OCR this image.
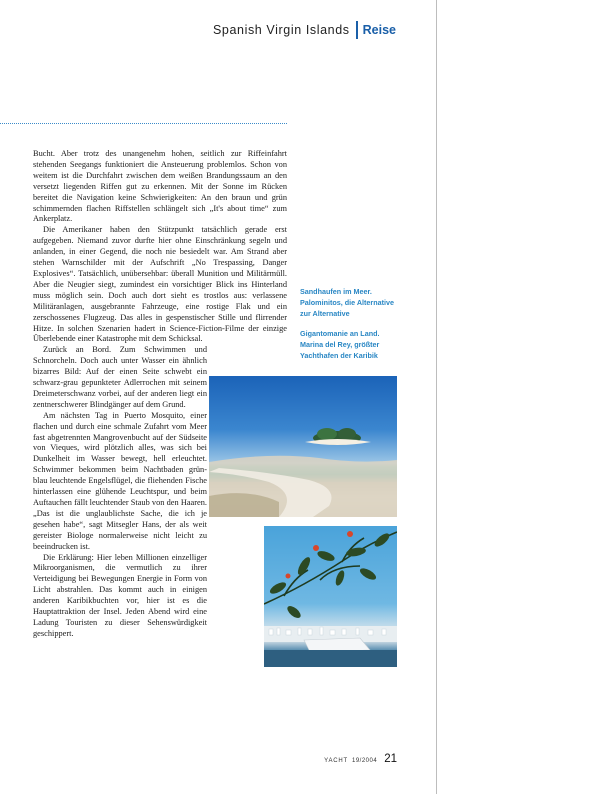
Spanish Virgin Islands Reise

Bucht. Aber trotz des unangenehm hohen, seitlich zur Riffeinfahrt stehenden Seegangs funktioniert die Ansteuerung problemlos. Schon von weitem ist die Durchfahrt zwischen dem weißen Brandungssaum an den versetzt liegenden Riffen gut zu erkennen. Mit der Sonne im Rücken bereitet die Navigation keine Schwierigkeiten: An den braun und grün schimmernden flachen Riffstellen schlängelt sich „It's about time“ zum Ankerplatz.

Die Amerikaner haben den Stützpunkt tatsächlich gerade erst aufgegeben. Niemand zuvor durfte hier ohne Einschränkung segeln und anlanden, in einer Gegend, die noch nie besiedelt war. Am Strand aber stehen Warnschilder mit der Aufschrift „No Trespassing, Danger Explosives“. Tatsächlich, unübersehbar: überall Munition und Militärmüll. Aber die Neugier siegt, zumindest ein vorsichtiger Blick ins Hinterland muss möglich sein. Doch auch dort sieht es trostlos aus: verlassene Militäranlagen, ausgebrannte Fahrzeuge, eine rostige Flak und ein zerschossenes Flugzeug. Das alles in gespenstischer Stille und flirrender Hitze. In solchen Szenarien hadert in Science-Fiction-Filme der einzige Überlebende einer Katastrophe mit dem Schicksal.

Zurück an Bord. Zum Schwimmen und Schnorcheln. Doch auch unter Wasser ein ähnlich bizarres Bild: Auf der einen Seite schwebt ein schwarz-grau gepunkteter Adlerrochen mit seinem Dreimeterschwanz vorbei, auf der anderen liegt ein zentnerschwerer Blindgänger auf dem Grund.

Am nächsten Tag in Puerto Mosquito, einer flachen und durch eine schmale Zufahrt vom Meer fast abgetrennten Mangrovenbucht auf der Südseite von Vieques, wird plötzlich alles, was sich bei Dunkelheit im Wasser bewegt, hell erleuchtet. Schwimmer bekommen beim Nachtbaden grün-blau leuchtende Engelsflügel, die fliehenden Fische hinterlassen eine glühende Leuchtspur, und beim Auftauchen fällt leuchtender Staub von den Haaren. „Das ist die unglaublichste Sache, die ich je gesehen habe“, sagt Mitsegler Hans, der als weit gereister Biologe normalerweise nicht leicht zu beeindrucken ist.

Die Erklärung: Hier leben Millionen einzelliger Mikroorganismen, die vermutlich zu ihrer Verteidigung bei Bewegungen Energie in Form von Licht abstrahlen. Das kommt auch in einigen anderen Karibikbuchten vor, hier ist es die Hauptattraktion der Insel. Jeden Abend wird eine Ladung Touristen zu dieser Sehenswürdigkeit geschippert.

Sandhaufen im Meer. Palominitos, die Alternative zur Alternative
Gigantomanie an Land. Marina del Rey, größter Yachthafen der Karibik
YACHT 19/2004 21
